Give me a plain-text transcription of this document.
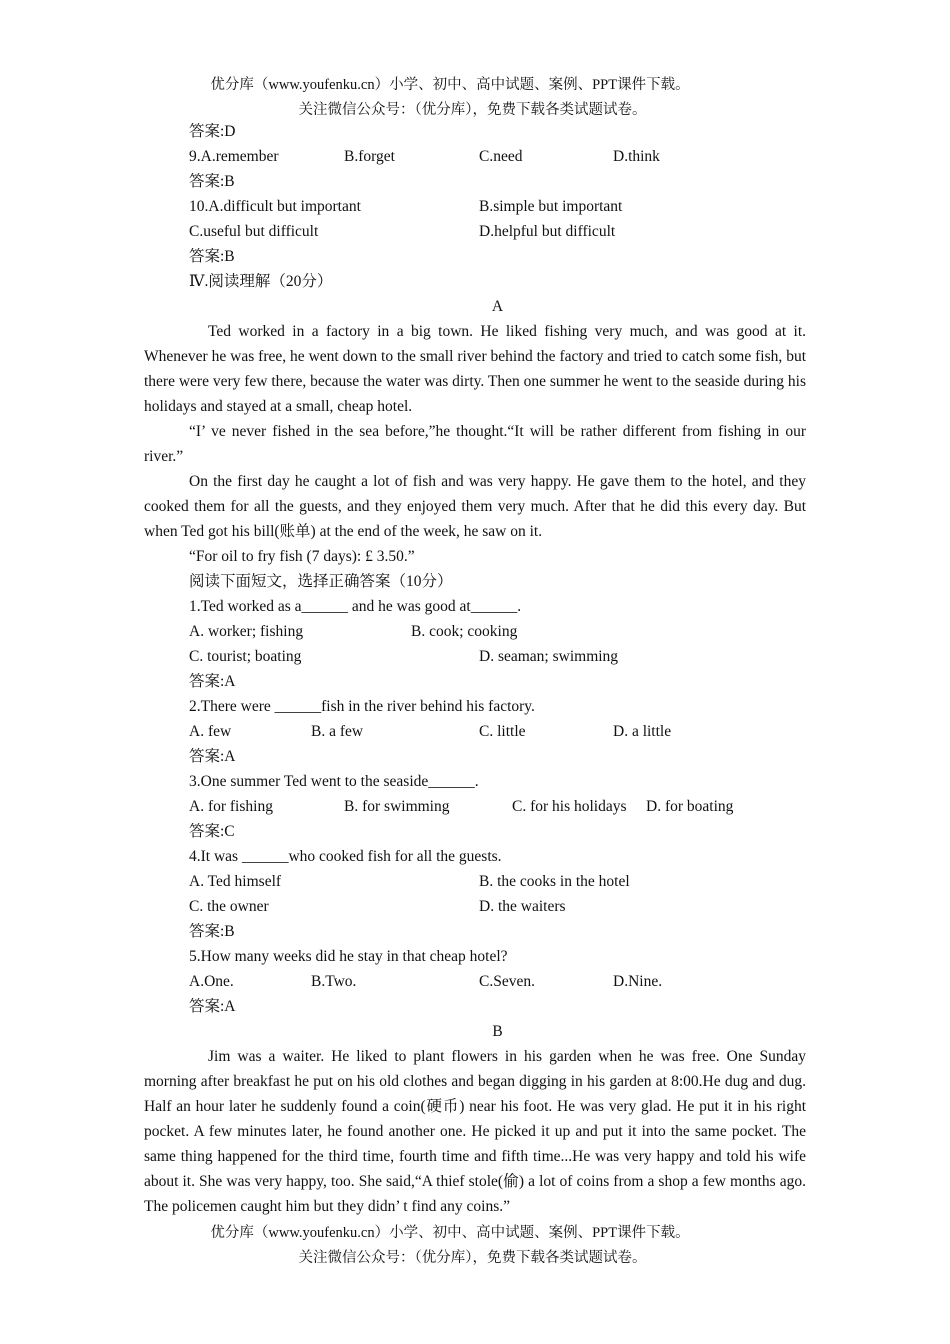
优分库（www.youfenku.cn）小学、初中、高中试题、案例、PPT课件下载。
关注微信公众号：（优分库），免费下载各类试题试卷。
答案:D
9.A.remember	B.forget	C.need	D.think
答案:B
10.A.difficult but important	B.simple but important
C.useful but difficult	D.helpful but difficult
答案:B
Ⅳ.阅读理解（20分）
A
Ted worked in a factory in a big town. He liked fishing very much, and was good at it. Whenever he was free, he went down to the small river behind the factory and tried to catch some fish, but there were very few there, because the water was dirty. Then one summer he went to the seaside during his holidays and stayed at a small, cheap hotel.
“I’ ve never fished in the sea before,”he thought.“It will be rather different from fishing in our river.”
On the first day he caught a lot of fish and was very happy. He gave them to the hotel, and they cooked them for all the guests, and they enjoyed them very much. After that he did this every day. But when Ted got his bill(账单) at the end of the week, he saw on it.
“For oil to fry fish (7 days): £ 3.50.”
阅读下面短文，选择正确答案（10分）
1.Ted worked as a______ and he was good at______.
A. worker; fishing	B. cook; cooking
C. tourist; boating	D. seaman; swimming
答案:A
2.There were ______fish in the river behind his factory.
A. few	B. a few	C. little	D. a little
答案:A
3.One summer Ted went to the seaside______.
A. for fishing	B. for swimming	C. for his holidays D. for boating
答案:C
4.It was ______who cooked fish for all the guests.
A. Ted himself	B. the cooks in the hotel
C. the owner	D. the waiters
答案:B
5.How many weeks did he stay in that cheap hotel?
A.One.	B.Two.	C.Seven.	D.Nine.
答案:A
B
Jim was a waiter. He liked to plant flowers in his garden when he was free. One Sunday morning after breakfast he put on his old clothes and began digging in his garden at 8:00.He dug and dug. Half an hour later he suddenly found a coin(硬币) near his foot. He was very glad. He put it in his right pocket. A few minutes later, he found another one. He picked it up and put it into the same pocket. The same thing happened for the third time, fourth time and fifth time...He was very happy and told his wife about it. She was very happy, too. She said,“A thief stole(偷) a lot of coins from a shop a few months ago. The policemen caught him but they didn’ t find any coins.”
优分库（www.youfenku.cn）小学、初中、高中试题、案例、PPT课件下载。
关注微信公众号：（优分库），免费下载各类试题试卷。
